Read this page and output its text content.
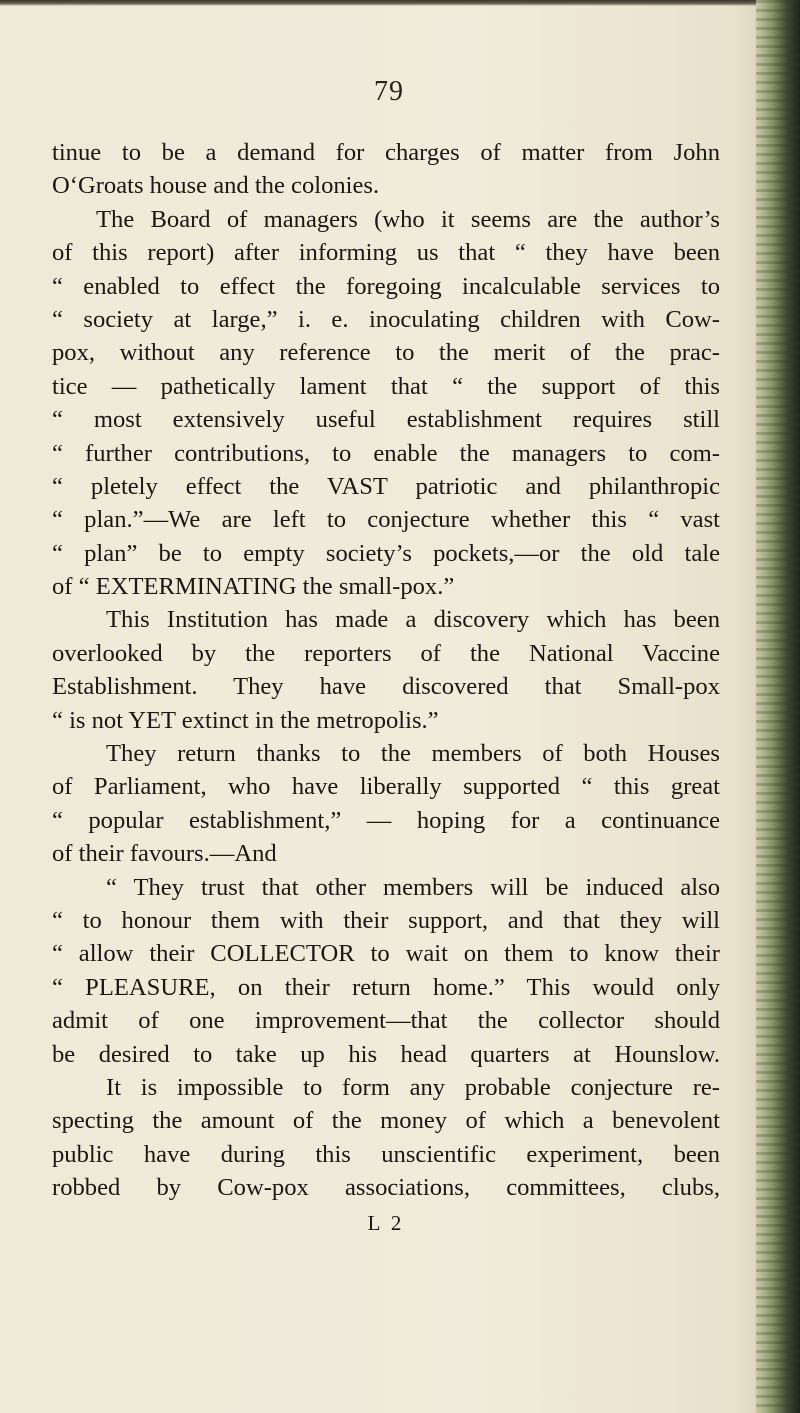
79
tinue to be a demand for charges of matter from John
O‘Groats house and the colonies.
The Board of managers (who it seems are the author’s
of this report) after informing us that “ they have been
“ enabled to effect the foregoing incalculable services to
“ society at large,” i. e. inoculating children with Cow-
pox, without any reference to the merit of the prac-
tice — pathetically lament that “ the support of this
“ most extensively useful establishment requires still
“ further contributions, to enable the managers to com-
“ pletely effect the VAST patriotic and philanthropic
“ plan.”—We are left to conjecture whether this “ vast
“ plan” be to empty society’s pockets,—or the old tale
of “ EXTERMINATING the small-pox.”
This Institution has made a discovery which has been
overlooked by the reporters of the National Vaccine
Establishment. They have discovered that Small-pox
“ is not YET extinct in the metropolis.”
They return thanks to the members of both Houses
of Parliament, who have liberally supported “ this great
“ popular establishment,” — hoping for a continuance
of their favours.—And
“ They trust that other members will be induced also
“ to honour them with their support, and that they will
“ allow their COLLECTOR to wait on them to know their
“ PLEASURE, on their return home.” This would only
admit of one improvement—that the collector should
be desired to take up his head quarters at Hounslow.
It is impossible to form any probable conjecture re-
specting the amount of the money of which a benevolent
public have during this unscientific experiment, been
robbed by Cow-pox associations, committees, clubs,
L 2
